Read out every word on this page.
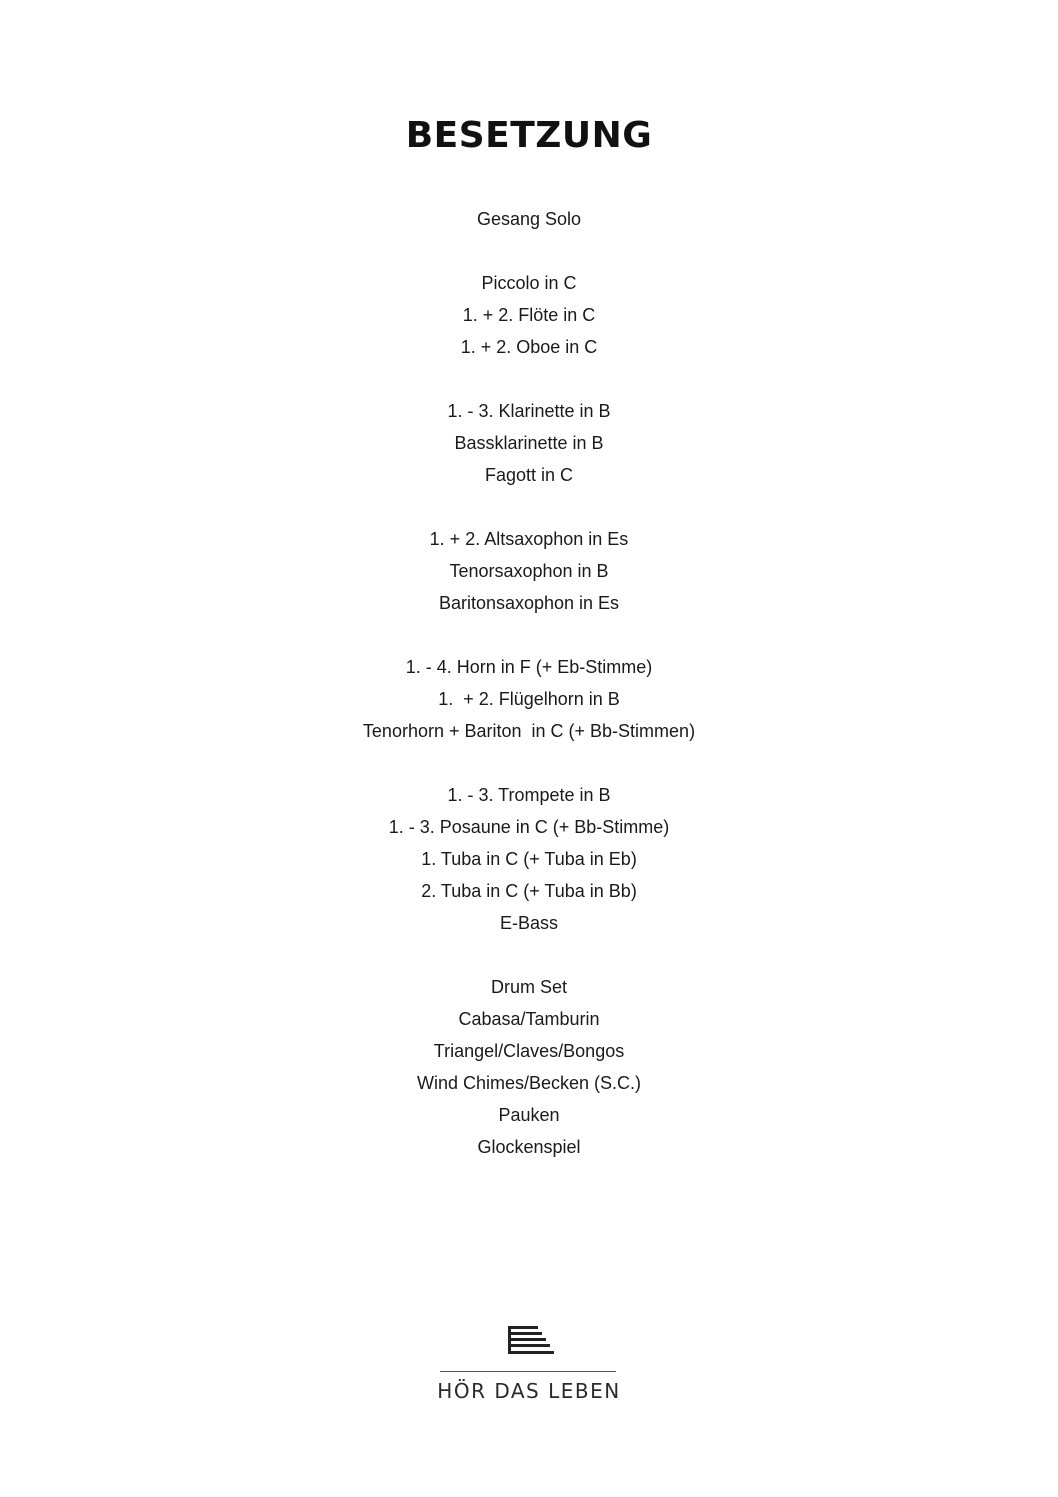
BESETZUNG
Gesang Solo
Piccolo in C
1. + 2. Flöte in C
1. + 2. Oboe in C
1. - 3. Klarinette in B
Bassklarinette in B
Fagott in C
1. + 2. Altsaxophon in Es
Tenorsaxophon in B
Baritonsaxophon in Es
1. - 4. Horn in F (+ Eb-Stimme)
1.  + 2. Flügelhorn in B
Tenorhorn + Bariton  in C (+ Bb-Stimmen)
1. - 3. Trompete in B
1. - 3. Posaune in C (+ Bb-Stimme)
1. Tuba in C (+ Tuba in Eb)
2. Tuba in C (+ Tuba in Bb)
E-Bass
Drum Set
Cabasa/Tamburin
Triangel/Claves/Bongos
Wind Chimes/Becken (S.C.)
Pauken
Glockenspiel
HÖR DAS LEBEN
